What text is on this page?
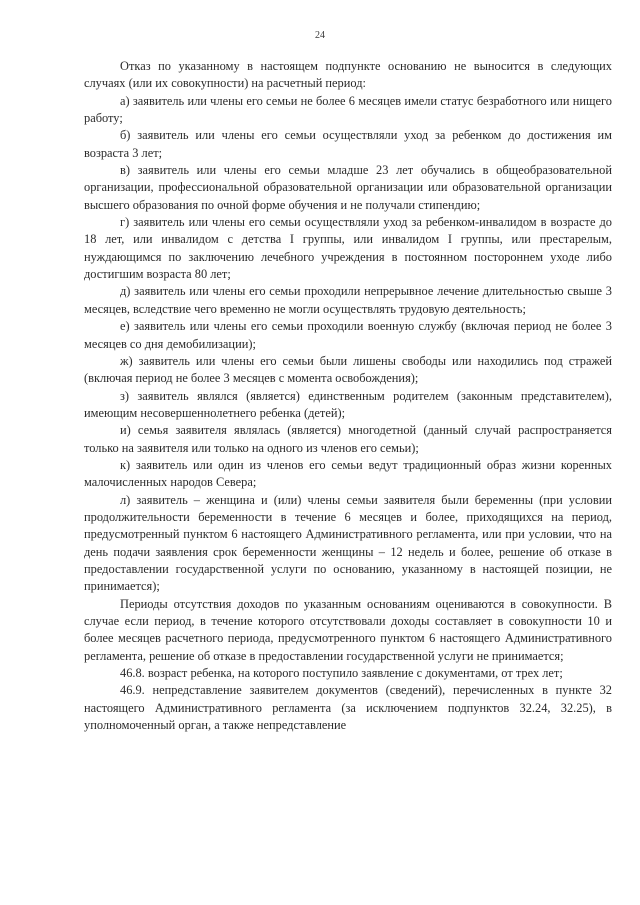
24

Отказ по указанному в настоящем подпункте основанию не выносится в следующих случаях (или их совокупности) на расчетный период:

а) заявитель или члены его семьи не более 6 месяцев имели статус безработного или нищего работу;

б) заявитель или члены его семьи осуществляли уход за ребенком до достижения им возраста 3 лет;

в) заявитель или члены его семьи младше 23 лет обучались в общеобразовательной организации, профессиональной образовательной организации или образовательной организации высшего образования по очной форме обучения и не получали стипендию;

г) заявитель или члены его семьи осуществляли уход за ребенком-инвалидом в возрасте до 18 лет, или инвалидом с детства I группы, или инвалидом I группы, или престарелым, нуждающимся по заключению лечебного учреждения в постоянном постороннем уходе либо достигшим возраста 80 лет;

д) заявитель или члены его семьи проходили непрерывное лечение длительностью свыше 3 месяцев, вследствие чего временно не могли осуществлять трудовую деятельность;

е) заявитель или члены его семьи проходили военную службу (включая период не более 3 месяцев со дня демобилизации);

ж) заявитель или члены его семьи были лишены свободы или находились под стражей (включая период не более 3 месяцев с момента освобождения);

з) заявитель являлся (является) единственным родителем (законным представителем), имеющим несовершеннолетнего ребенка (детей);

и) семья заявителя являлась (является) многодетной (данный случай распространяется только на заявителя или только на одного из членов его семьи);

к) заявитель или один из членов его семьи ведут традиционный образ жизни коренных малочисленных народов Севера;

л) заявитель – женщина и (или) члены семьи заявителя были беременны (при условии продолжительности беременности в течение 6 месяцев и более, приходящихся на период, предусмотренный пунктом 6 настоящего Административного регламента, или при условии, что на день подачи заявления срок беременности женщины – 12 недель и более, решение об отказе в предоставлении государственной услуги по основанию, указанному в настоящей позиции, не принимается);

Периоды отсутствия доходов по указанным основаниям оцениваются в совокупности. В случае если период, в течение которого отсутствовали доходы составляет в совокупности 10 и более месяцев расчетного периода, предусмотренного пунктом 6 настоящего Административного регламента, решение об отказе в предоставлении государственной услуги не принимается;

46.8. возраст ребенка, на которого поступило заявление с документами, от трех лет;

46.9. непредставление заявителем документов (сведений), перечисленных в пункте 32 настоящего Административного регламента (за исключением подпунктов 32.24, 32.25), в уполномоченный орган, а также непредставление
